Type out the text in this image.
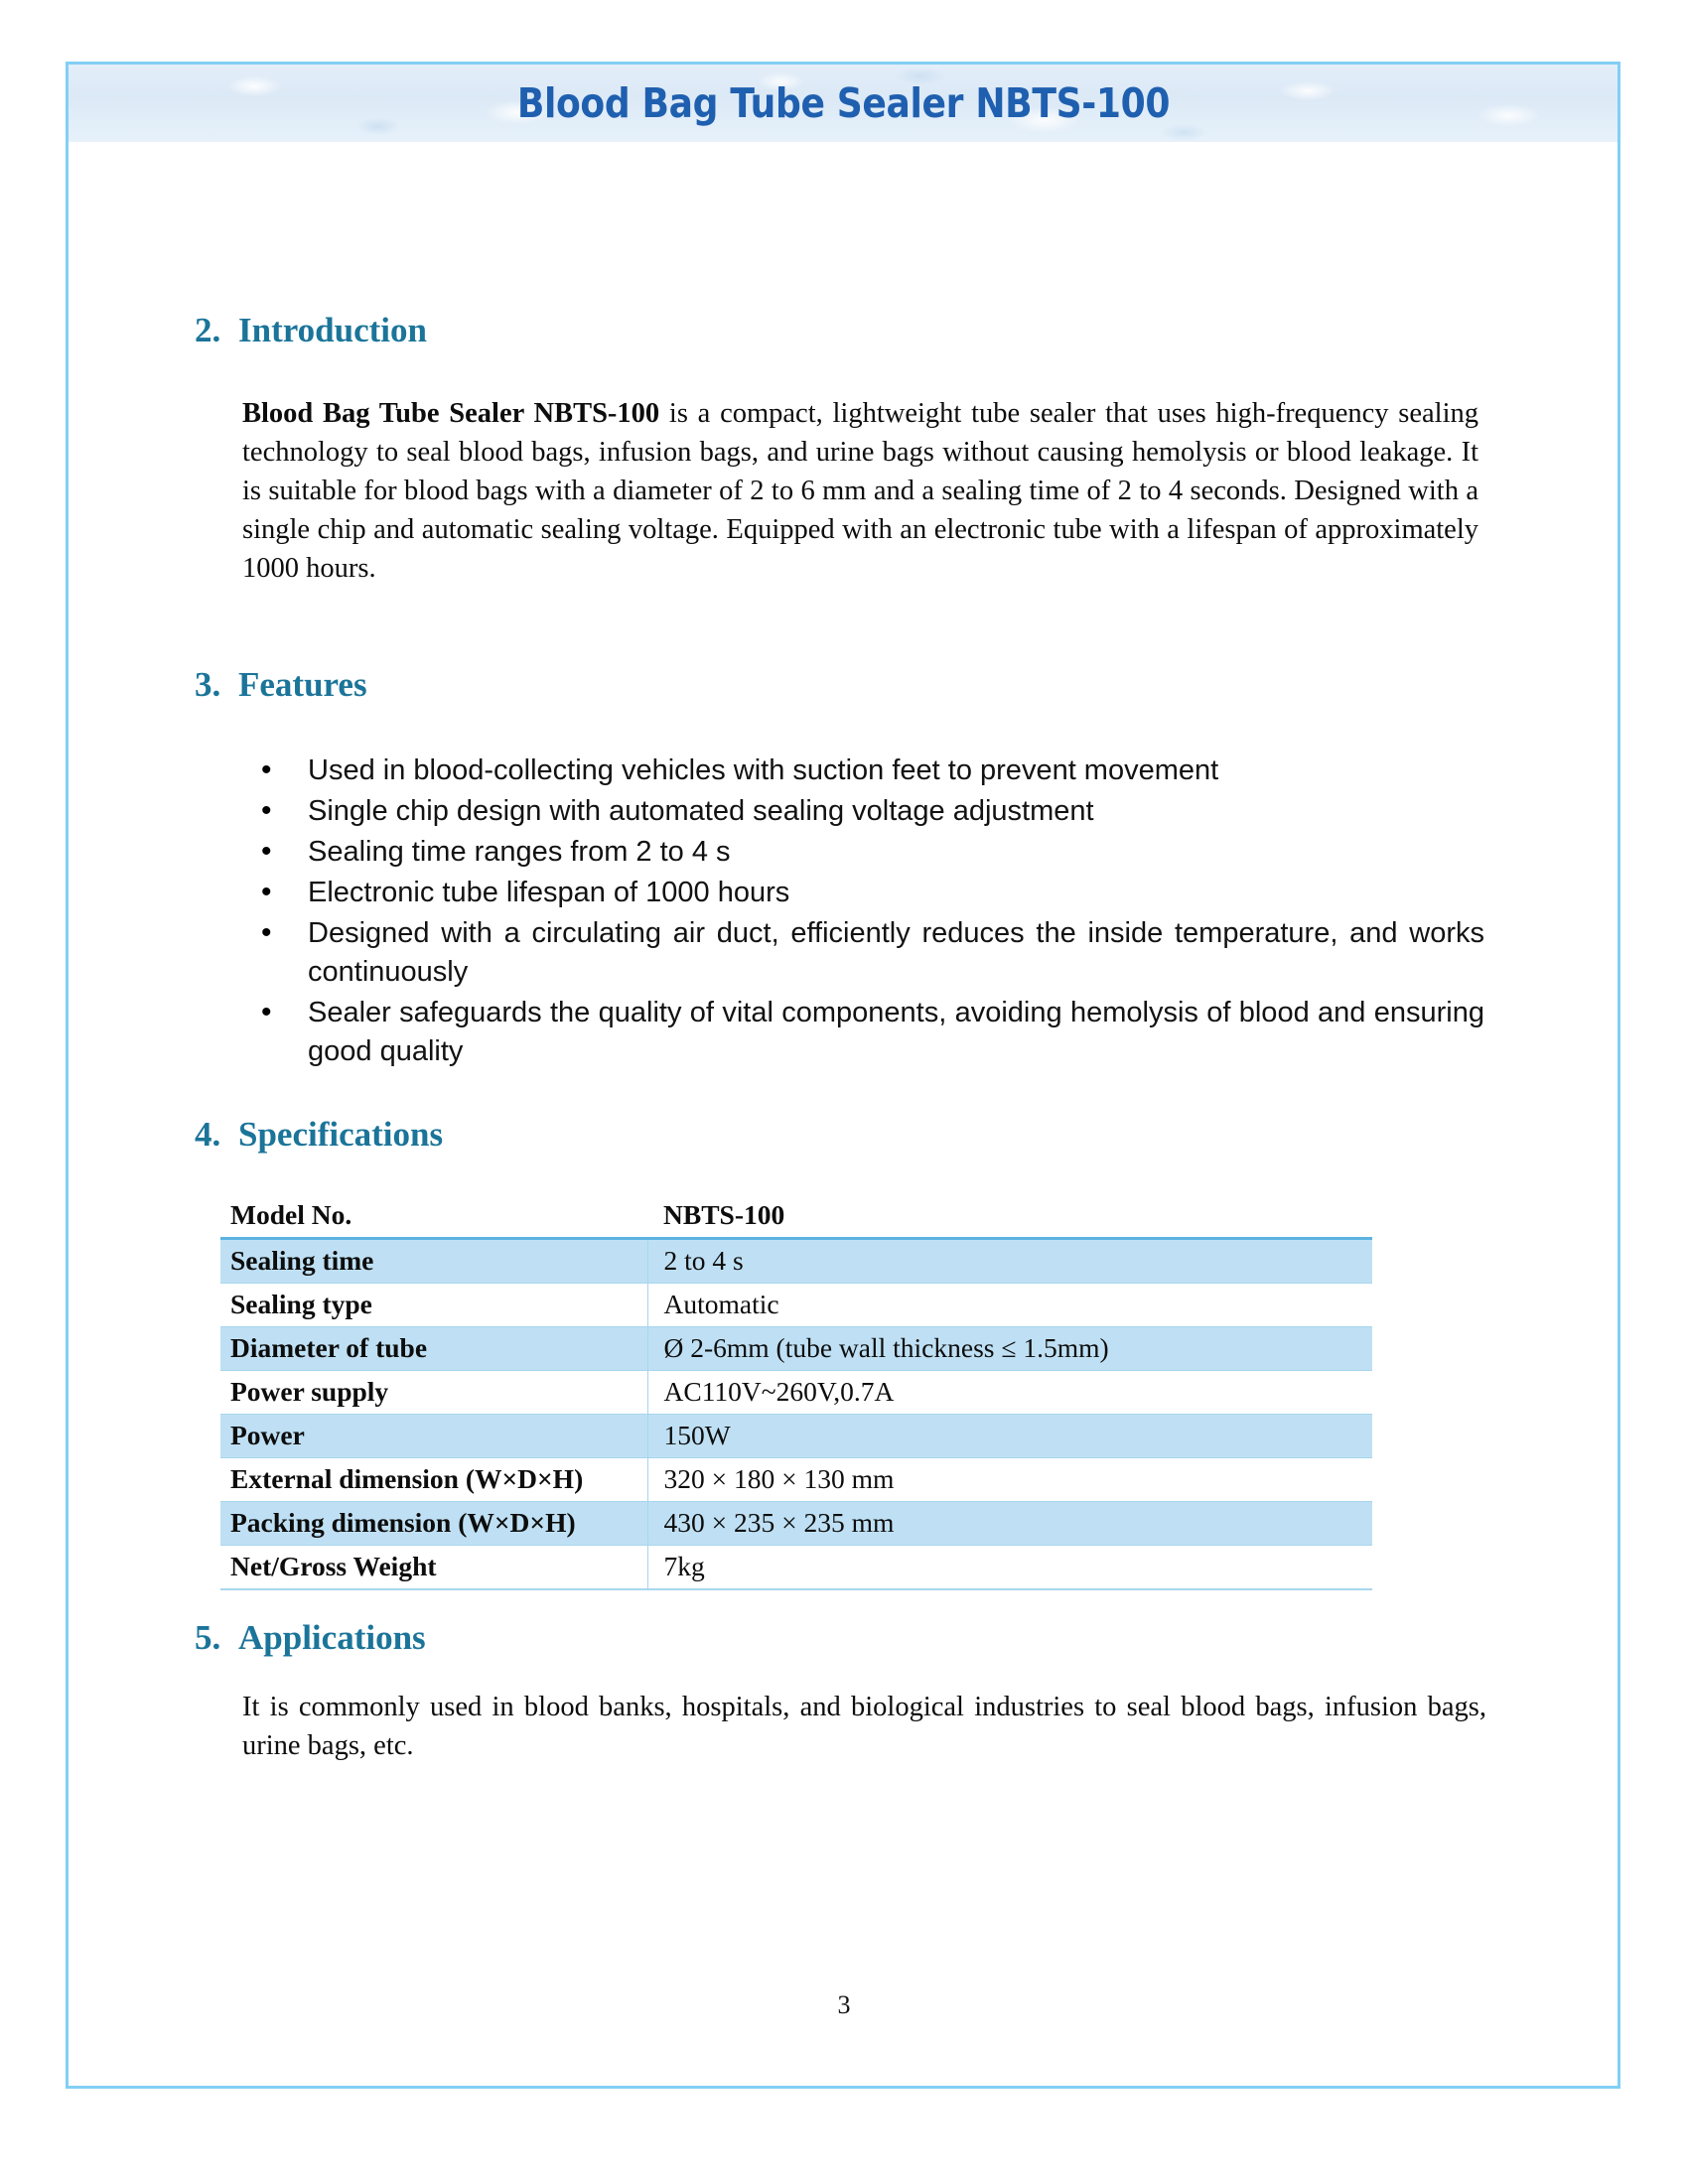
Blood Bag Tube Sealer NBTS-100
2. Introduction

Blood Bag Tube Sealer NBTS-100 is a compact, lightweight tube sealer that uses high-frequency sealing technology to seal blood bags, infusion bags, and urine bags without causing hemolysis or blood leakage. It is suitable for blood bags with a diameter of 2 to 6 mm and a sealing time of 2 to 4 seconds. Designed with a single chip and automatic sealing voltage. Equipped with an electronic tube with a lifespan of approximately 1000 hours.

3. Features
• Used in blood-collecting vehicles with suction feet to prevent movement
• Single chip design with automated sealing voltage adjustment
• Sealing time ranges from 2 to 4 s
• Electronic tube lifespan of 1000 hours
• Designed with a circulating air duct, efficiently reduces the inside temperature, and works continuously
• Sealer safeguards the quality of vital components, avoiding hemolysis of blood and ensuring good quality
4. Specifications
Model No.	NBTS-100
Sealing time	2 to 4 s
Sealing type	Automatic
Diameter of tube	Ø 2-6mm (tube wall thickness ≤ 1.5mm)
Power supply	AC110V~260V,0.7A
Power	150W
External dimension (W×D×H)	320 × 180 × 130 mm
Packing dimension (W×D×H)	430 × 235 × 235 mm
Net/Gross Weight	7kg
5. Applications

It is commonly used in blood banks, hospitals, and biological industries to seal blood bags, infusion bags, urine bags, etc.

3
